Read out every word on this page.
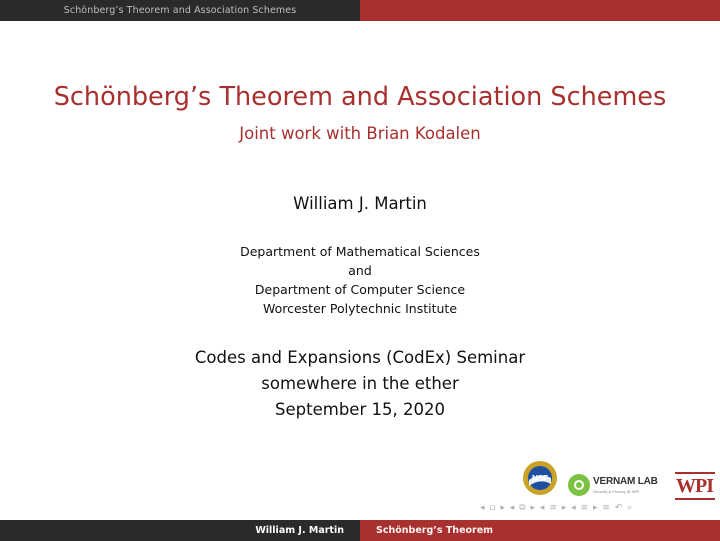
Schönberg’s Theorem and Association Schemes
Schönberg’s Theorem and Association Schemes
Joint work with Brian Kodalen
William J. Martin
Department of Mathematical Sciences
and
Department of Computer Science
Worcester Polytechnic Institute
Codes and Expansions (CodEx) Seminar
somewhere in the ether
September 15, 2020
NSF	VERNAM LAB
Security & Privacy @ WPI WPI
◂ ▫ ▸ ◂ ⧉ ▸ ◂ ≡ ▸ ◂ ≡ ▸ ≡ ↶ ⌕
William J. Martin	Schönberg’s Theorem
